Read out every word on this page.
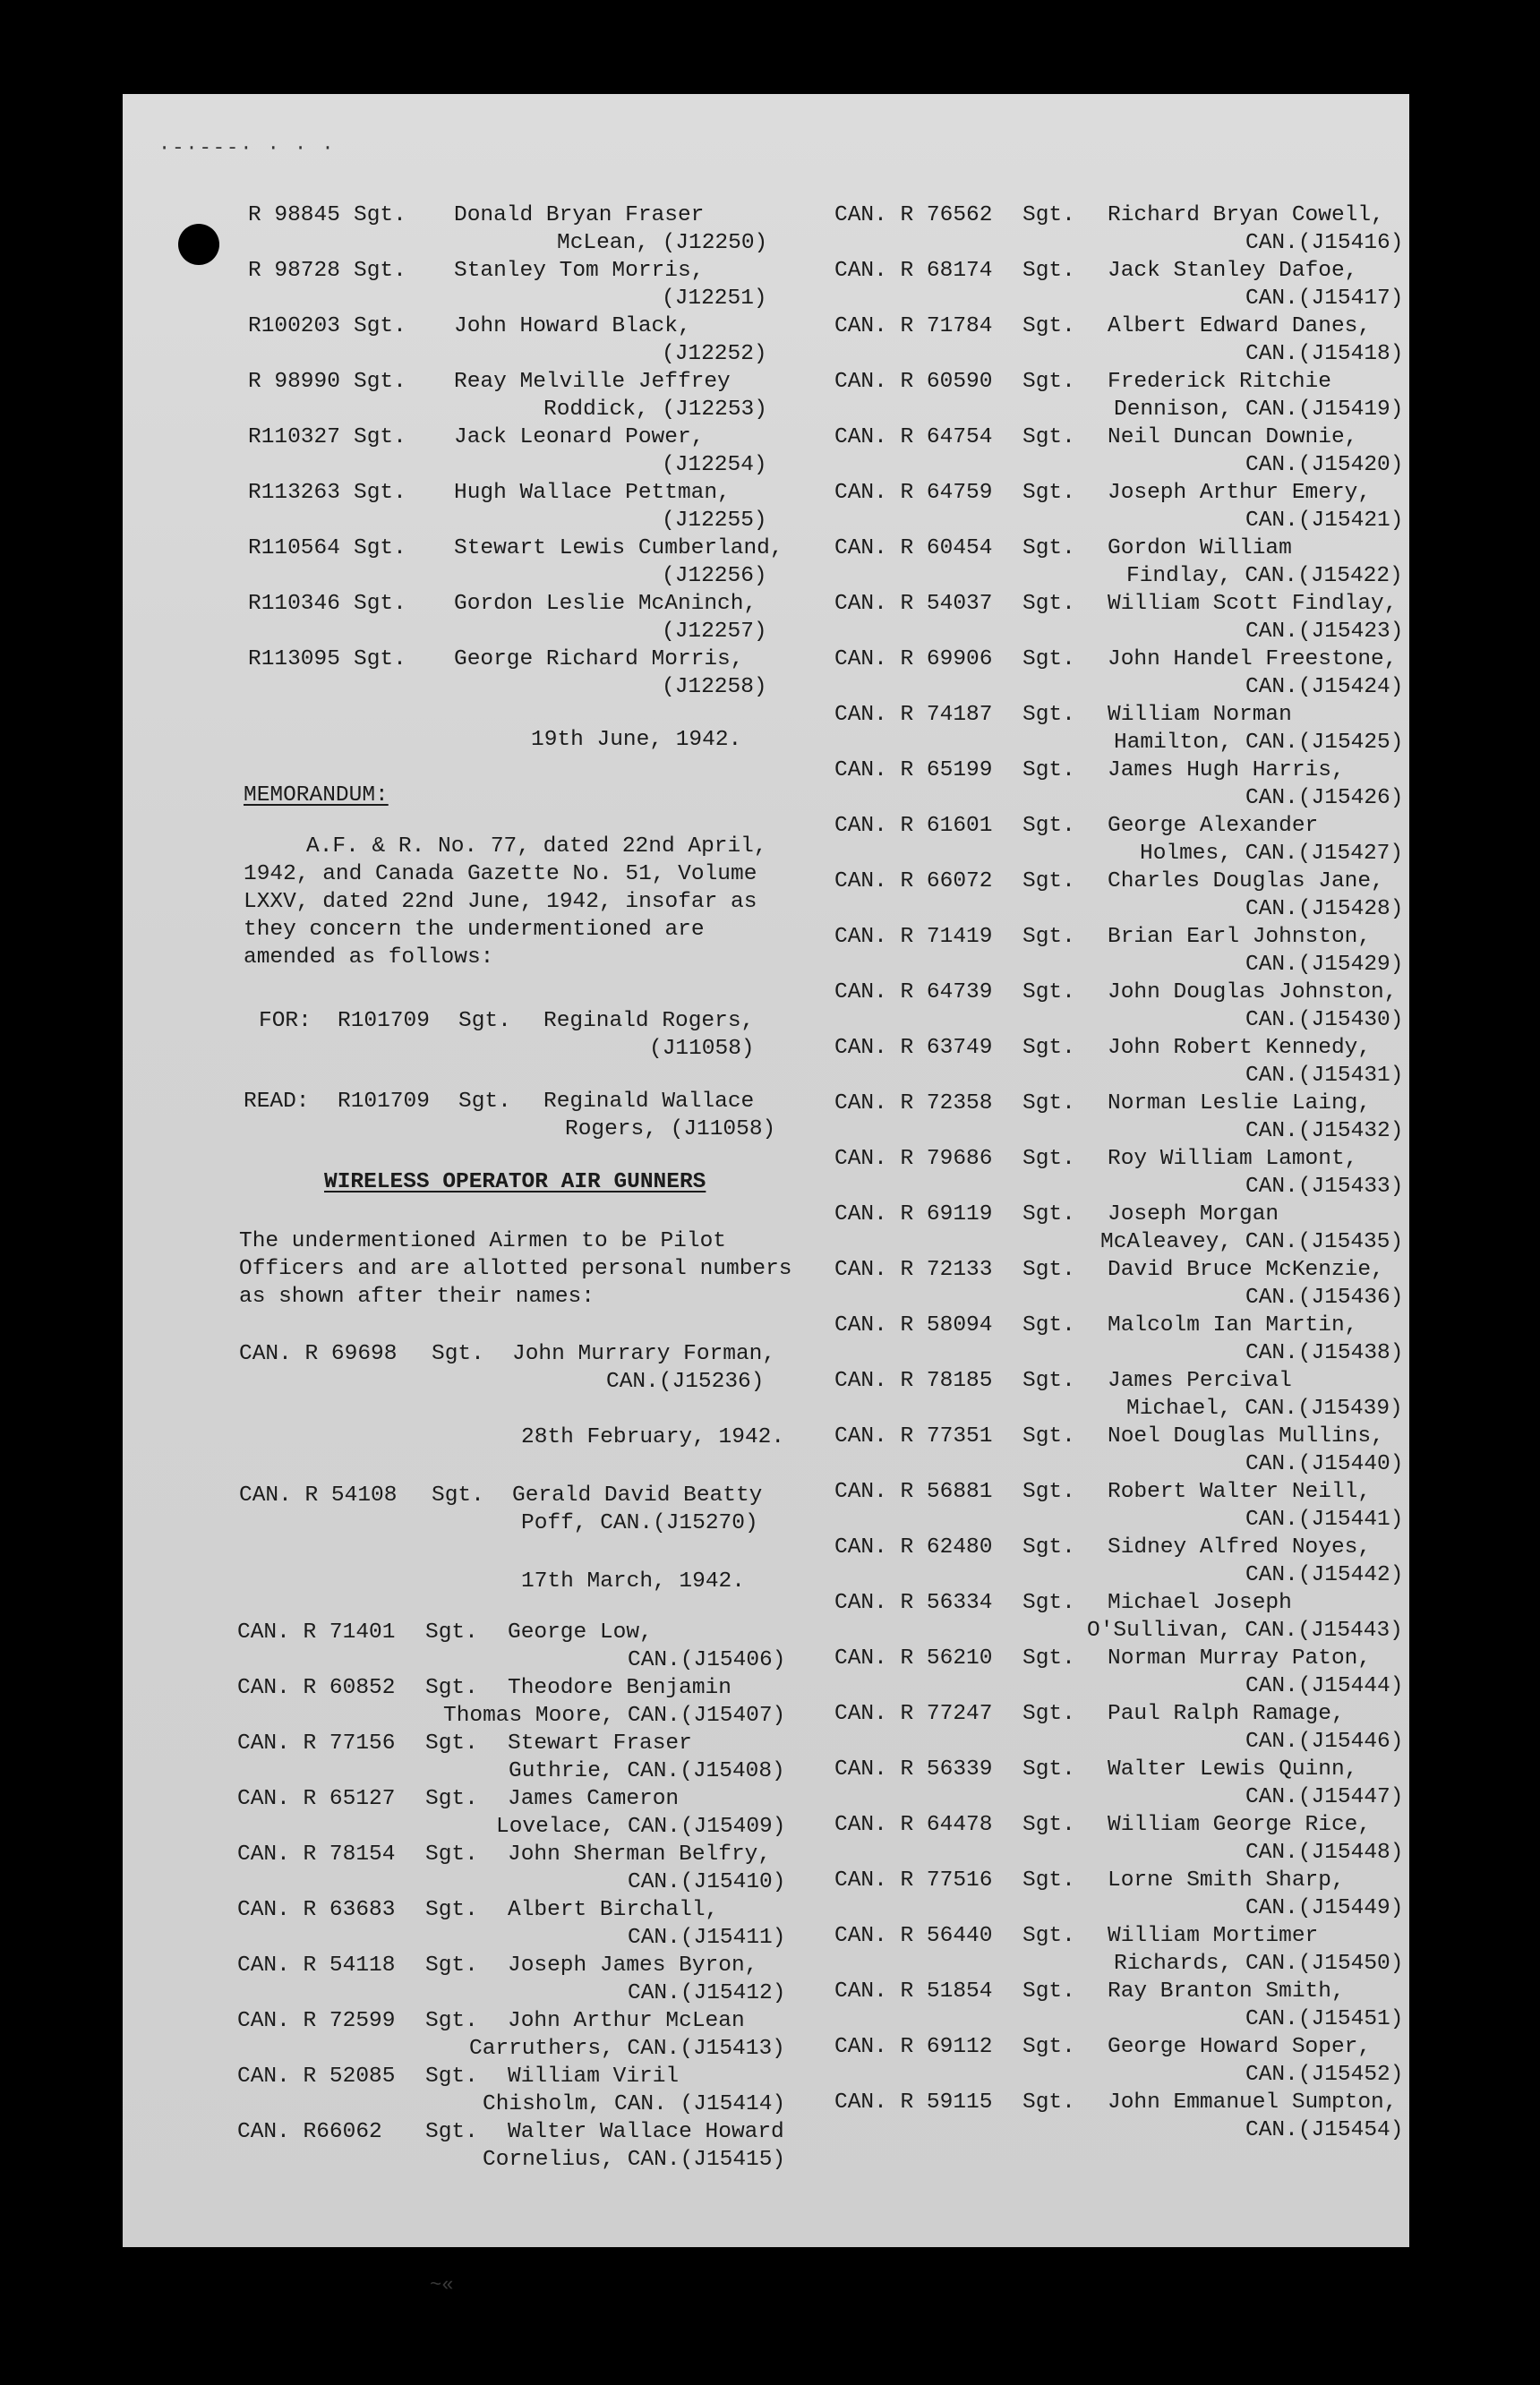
·-·---· · · ·
R 98845 Sgt. Donald Bryan Fraser
McLean, (J12250)
R 98728 Sgt. Stanley Tom Morris,
(J12251)
R100203 Sgt. John Howard Black,
(J12252)
R 98990 Sgt. Reay Melville Jeffrey
Roddick, (J12253)
R110327 Sgt. Jack Leonard Power,
(J12254)
R113263 Sgt. Hugh Wallace Pettman,
(J12255)
R110564 Sgt. Stewart Lewis Cumberland,
(J12256)
R110346 Sgt. Gordon Leslie McAninch,
(J12257)
R113095 Sgt. George Richard Morris,
(J12258)
19th June, 1942.
MEMORANDUM:
A.F. & R. No. 77, dated 22nd April,
1942, and Canada Gazette No. 51, Volume
LXXV, dated 22nd June, 1942, insofar as
they concern the undermentioned are
amended as follows:
FOR: R101709 Sgt. Reginald Rogers,
(J11058)
READ: R101709 Sgt. Reginald Wallace
Rogers, (J11058)
WIRELESS OPERATOR AIR GUNNERS
The undermentioned Airmen to be Pilot
Officers and are allotted personal numbers
as shown after their names:
CAN. R 69698 Sgt. John Murrary Forman,
CAN.(J15236)
28th February, 1942.
CAN. R 54108 Sgt. Gerald David Beatty
Poff, CAN.(J15270)
17th March, 1942.
CAN. R 71401 Sgt. George Low,
CAN.(J15406)
CAN. R 60852 Sgt. Theodore Benjamin
Thomas Moore, CAN.(J15407)
CAN. R 77156 Sgt. Stewart Fraser
Guthrie, CAN.(J15408)
CAN. R 65127 Sgt. James Cameron
Lovelace, CAN.(J15409)
CAN. R 78154 Sgt. John Sherman Belfry,
CAN.(J15410)
CAN. R 63683 Sgt. Albert Birchall,
CAN.(J15411)
CAN. R 54118 Sgt. Joseph James Byron,
CAN.(J15412)
CAN. R 72599 Sgt. John Arthur McLean
Carruthers, CAN.(J15413)
CAN. R 52085 Sgt. William Viril
Chisholm, CAN. (J15414)
CAN. R66062 Sgt. Walter Wallace Howard
Cornelius, CAN.(J15415)
CAN. R 76562 Sgt. Richard Bryan Cowell,
CAN.(J15416)
CAN. R 68174 Sgt. Jack Stanley Dafoe,
CAN.(J15417)
CAN. R 71784 Sgt. Albert Edward Danes,
CAN.(J15418)
CAN. R 60590 Sgt. Frederick Ritchie
Dennison, CAN.(J15419)
CAN. R 64754 Sgt. Neil Duncan Downie,
CAN.(J15420)
CAN. R 64759 Sgt. Joseph Arthur Emery,
CAN.(J15421)
CAN. R 60454 Sgt. Gordon William
Findlay, CAN.(J15422)
CAN. R 54037 Sgt. William Scott Findlay,
CAN.(J15423)
CAN. R 69906 Sgt. John Handel Freestone,
CAN.(J15424)
CAN. R 74187 Sgt. William Norman
Hamilton, CAN.(J15425)
CAN. R 65199 Sgt. James Hugh Harris,
CAN.(J15426)
CAN. R 61601 Sgt. George Alexander
Holmes, CAN.(J15427)
CAN. R 66072 Sgt. Charles Douglas Jane,
CAN.(J15428)
CAN. R 71419 Sgt. Brian Earl Johnston,
CAN.(J15429)
CAN. R 64739 Sgt. John Douglas Johnston,
CAN.(J15430)
CAN. R 63749 Sgt. John Robert Kennedy,
CAN.(J15431)
CAN. R 72358 Sgt. Norman Leslie Laing,
CAN.(J15432)
CAN. R 79686 Sgt. Roy William Lamont,
CAN.(J15433)
CAN. R 69119 Sgt. Joseph Morgan
McAleavey, CAN.(J15435)
CAN. R 72133 Sgt. David Bruce McKenzie,
CAN.(J15436)
CAN. R 58094 Sgt. Malcolm Ian Martin,
CAN.(J15438)
CAN. R 78185 Sgt. James Percival
Michael, CAN.(J15439)
CAN. R 77351 Sgt. Noel Douglas Mullins,
CAN.(J15440)
CAN. R 56881 Sgt. Robert Walter Neill,
CAN.(J15441)
CAN. R 62480 Sgt. Sidney Alfred Noyes,
CAN.(J15442)
CAN. R 56334 Sgt. Michael Joseph
O'Sullivan, CAN.(J15443)
CAN. R 56210 Sgt. Norman Murray Paton,
CAN.(J15444)
CAN. R 77247 Sgt. Paul Ralph Ramage,
CAN.(J15446)
CAN. R 56339 Sgt. Walter Lewis Quinn,
CAN.(J15447)
CAN. R 64478 Sgt. William George Rice,
CAN.(J15448)
CAN. R 77516 Sgt. Lorne Smith Sharp,
CAN.(J15449)
CAN. R 56440 Sgt. William Mortimer
Richards, CAN.(J15450)
CAN. R 51854 Sgt. Ray Branton Smith,
CAN.(J15451)
CAN. R 69112 Sgt. George Howard Soper,
CAN.(J15452)
CAN. R 59115 Sgt. John Emmanuel Sumpton,
CAN.(J15454)
~«
